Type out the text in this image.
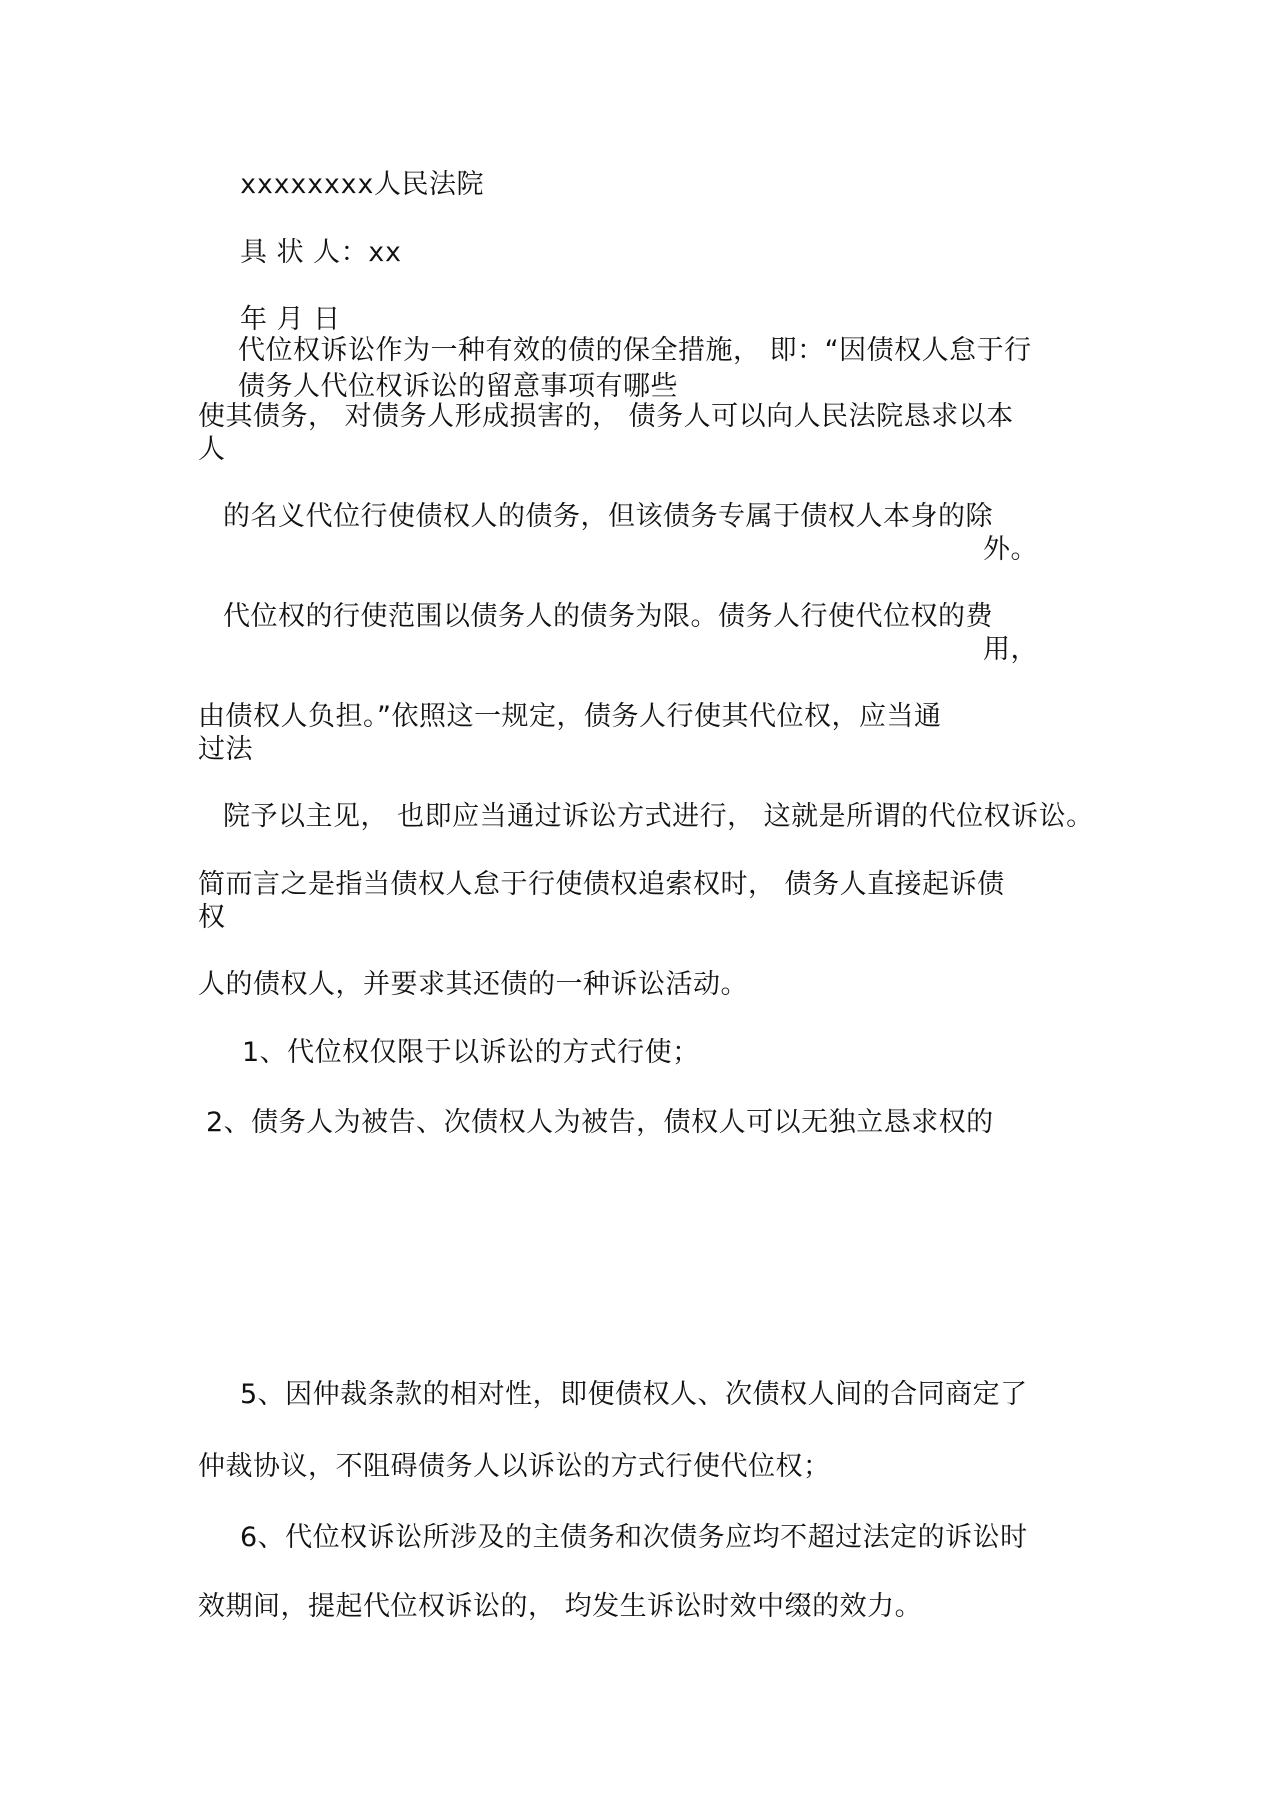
xxxxxxxx人民法院
具 状 人：xx
年 月 日
代位权诉讼作为一种有效的债的保全措施， 即：“因债权人怠于行
债务人代位权诉讼的留意事项有哪些
使其债务， 对债务人形成损害的， 债务人可以向人民法院恳求以本
人
的名义代位行使债权人的债务，但该债务专属于债权人本身的除
外。
代位权的行使范围以债务人的债务为限。债务人行使代位权的费
用，
由债权人负担。”依照这一规定，债务人行使其代位权，应当通
过法
院予以主见， 也即应当通过诉讼方式进行， 这就是所谓的代位权诉讼。
简而言之是指当债权人怠于行使债权追索权时， 债务人直接起诉债
权
人的债权人，并要求其还债的一种诉讼活动。
1、代位权仅限于以诉讼的方式行使；
2、债务人为被告、次债权人为被告，债权人可以无独立恳求权的
5、因仲裁条款的相对性，即便债权人、次债权人间的合同商定了
仲裁协议，不阻碍债务人以诉讼的方式行使代位权；
6、代位权诉讼所涉及的主债务和次债务应均不超过法定的诉讼时
效期间，提起代位权诉讼的， 均发生诉讼时效中缀的效力。
